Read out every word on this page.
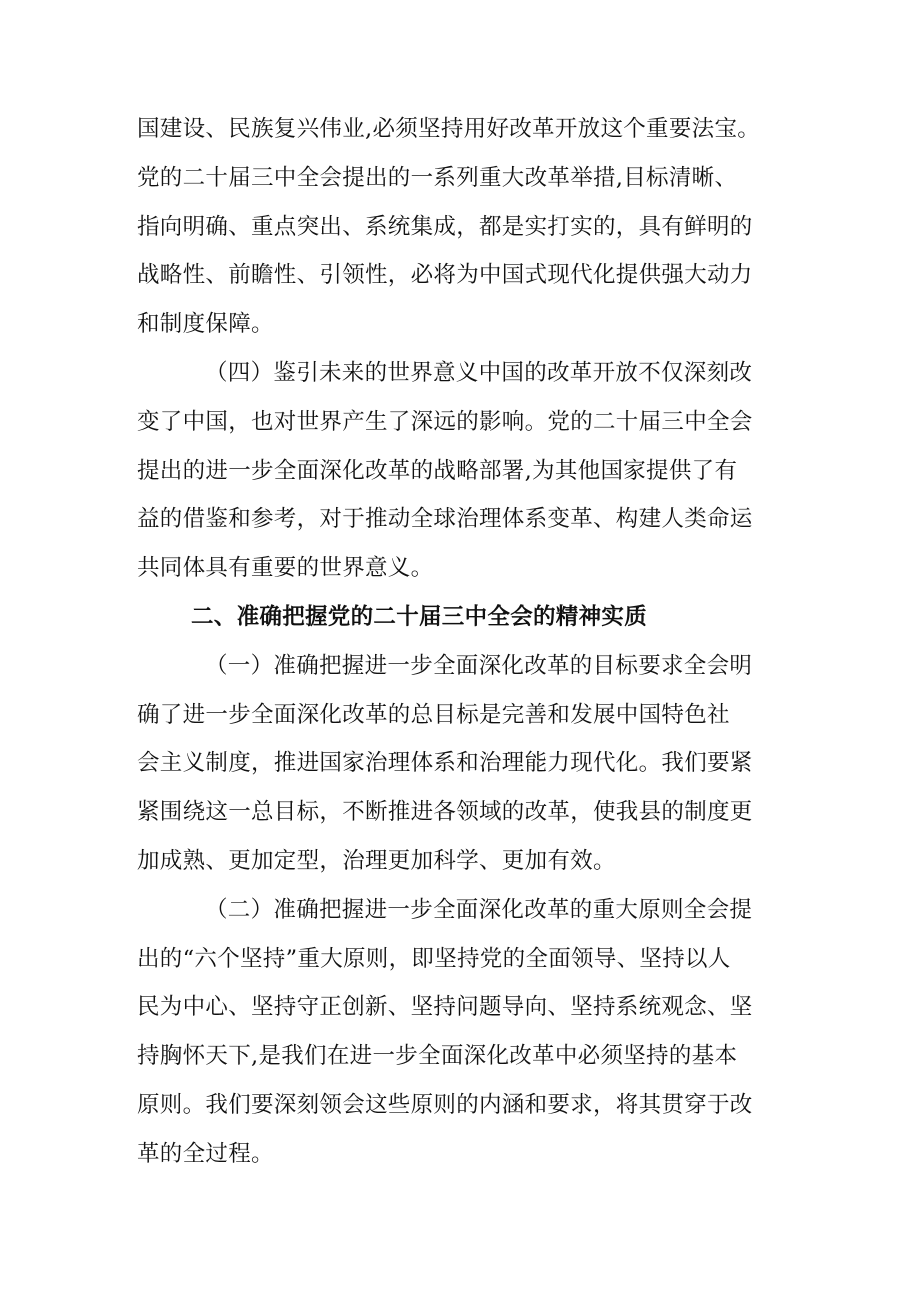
国建设、民族复兴伟业,必须坚持用好改革开放这个重要法宝。
党的二十届三中全会提出的一系列重大改革举措,目标清晰、
指向明确、重点突出、系统集成，都是实打实的，具有鲜明的
战略性、前瞻性、引领性，必将为中国式现代化提供强大动力
和制度保障。
（四）鉴引未来的世界意义中国的改革开放不仅深刻改
变了中国，也对世界产生了深远的影响。党的二十届三中全会
提出的进一步全面深化改革的战略部署,为其他国家提供了有
益的借鉴和参考，对于推动全球治理体系变革、构建人类命运
共同体具有重要的世界意义。
二、准确把握党的二十届三中全会的精神实质
（一）准确把握进一步全面深化改革的目标要求全会明
确了进一步全面深化改革的总目标是完善和发展中国特色社
会主义制度，推进国家治理体系和治理能力现代化。我们要紧
紧围绕这一总目标，不断推进各领域的改革，使我县的制度更
加成熟、更加定型，治理更加科学、更加有效。
（二）准确把握进一步全面深化改革的重大原则全会提
出的“六个坚持”重大原则，即坚持党的全面领导、坚持以人
民为中心、坚持守正创新、坚持问题导向、坚持系统观念、坚
持胸怀天下,是我们在进一步全面深化改革中必须坚持的基本
原则。我们要深刻领会这些原则的内涵和要求，将其贯穿于改
革的全过程。
